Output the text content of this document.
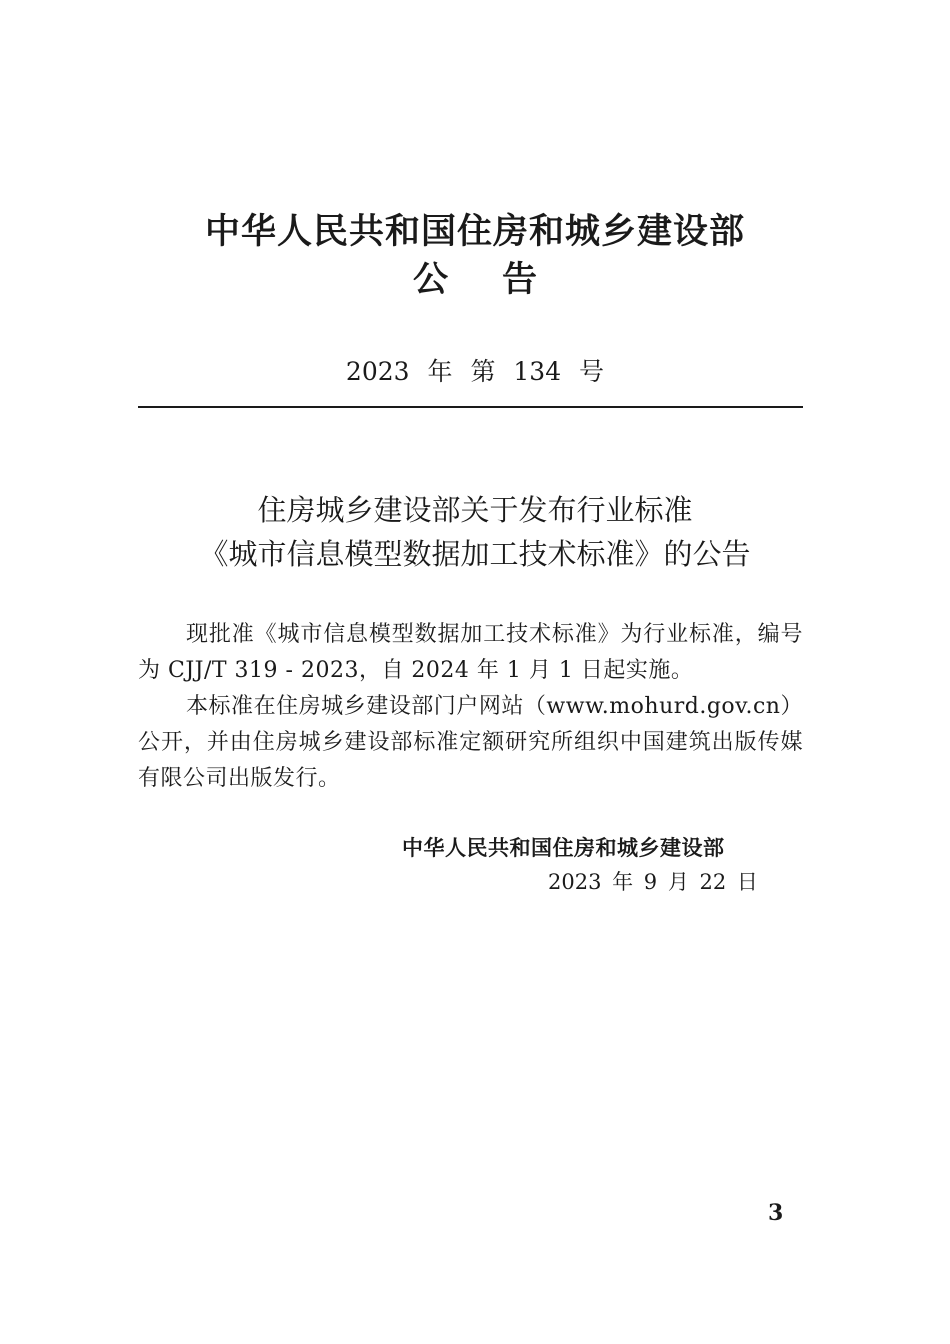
中华人民共和国住房和城乡建设部
公告
2023 年 第 134 号
住房城乡建设部关于发布行业标准
《城市信息模型数据加工技术标准》的公告

现批准《城市信息模型数据加工技术标准》为行业标准，编号为 CJJ/T 319 - 2023，自 2024 年 1 月 1 日起实施。

本标准在住房城乡建设部门户网站（www.mohurd.gov.cn）公开，并由住房城乡建设部标准定额研究所组织中国建筑出版传媒有限公司出版发行。

中华人民共和国住房和城乡建设部
2023 年 9 月 22 日
3
